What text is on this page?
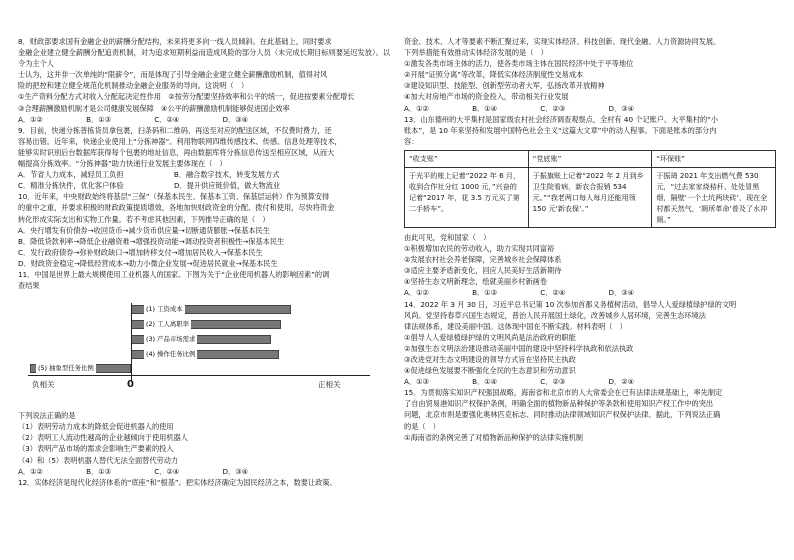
8．财政部要求国有金融企业的薪酬分配结构，未来将更多向一线人员倾斜。在此基础上，同时要求

金融企业建立健全薪酬分配追责机制，对为追求短期利益而造成风险的部分人员（未完成长期目标则要延迟发放）。以令为主个人

士认为，这并非一次单纯的“限薪令”，而是体现了引导金融企业建立健全薪酬激励机制，值得对风

险的把控和建立健全规范化机制推动金融企业服务的导向。这说明（　）

①生产资料分配方式对收入分配起决定性作用　②按劳分配要坚持效率和公平的统一，促进按要素分配增长

③合理薪酬激励机制才是公司健康发展保障　④公平的薪酬激励机制能够促进国企效率

A．①②　　　　　　B．①③　　　　　　C．②④　　　　　　D．③④

9．目前，快递分拣普拣货员拿包裹，扫条码和二维码、再送至对应的配送区域，不仅费时费力，还

容易出错。近年来，快递企业使用上“分拣神器”。利用物联网四维传感技术、传感、信息处理等技术，

能够实时识别后台数据库获得每个包裹的地址信息，再由数据库将分拣信息传送至相应区域，从而大

幅提高分拣效率。“分拣神器”助力快递行业发展主要体现在（　）

A．节省人力成本，减轻员工负担　　　　　　　B．融合数字技术，转变发展方式

C．精准分拣快件，优化客户体验　　　　　　　D．提升供应链价值，做大物流业

10．近年来，中央财政始终将基层“三保”（保基本民生、保基本工资、保基层运转）作为预算安排

的重中之重，并要求积极的财政政策提质增效，各地加快财政资金的分配、拨付和使用，尽快将资金

转化形成实际支出和实物工作量。若不考虑其他因素，下列推导正确的是（　）

A．央行增发有价债券→收回货币→减少货币供应量→切断通货膨胀→保基本民生

B．降低贷款利率→降低企业融资难→增强投资动能→调动投资者积极性→保基本民生

C．发行政府债券→弥补财政缺口→增加转移支付→增加居民收入→保基本民生

D．财政资金稳定→降低经营成本→助力小微企业发展→促进居民就业→保基本民生

11．中国是世界上最大规模使用工业机器人的国家。下图为关于“企业使用机器人的影响因素”的调

查结果

(1) 工资成本
(2) 工人离职率
(3) 产品市场需求
(4) 操作任务比例
(5) 抽象型任务比例
负相关	0	正相关

下列说法正确的是

（1）表明劳动力成本的降低会促进机器人的使用

（2）表明工人流动性越高的企业越倾向于使用机器人

（3）表明产品市场的需求会影响生产要素的投入

（4）和（5）表明机器人替代无法全面替代劳动力

A．①②　　　　　　B．①③　　　　　　C．②④　　　　　　D．③④

12．实体经济是现代化经济体系的“底座”和“根基”。把实体经济确定为国民经济之本，数要让政策、

资金、技术、人才等要素不断汇聚过来，实现实体经济、科技创新、现代金融、人力资源协同发展。

下列举措能有效推动实体经济发展的是（　）

①激发各类市场主体的活力，使各类市场主体在国民经济中处于平等地位

②开展“证照分离”等改革，降低实体经济制度性交易成本

③建设知识型、技能型、创新型劳动者大军，弘扬改革开放精神

④加大对房地产市场的资金投入，带动相关行业发展

A．①②　　　　　　B．①④　　　　　　C．②③　　　　　　D．③④

13．山东德州的大平集村是国家级农村社会经济调查观察点，全村有 40 个记账户。大平集村的“小

账本”，是 10 年来坚持和发展中国特色社会主义“这篇大文章”中的动人程事。下面是账本的部分内

容：

“收支账”	“党底账”	“环保账”
于光平的账上记着“2022 年 6 月，收到合作社分红 1000 元，”兴奋的记着“2017 年，花 3.5 万元买了第二手轿车”。	于振旗账上记着“2022 年 2 月到乡卫生院看病，新农合报销 534元。”“我老两口每人每月还能用领 150 元‘新农保’。”	于振琦 2021 年支出燃气费 530 元，“过去家家烧秸秆、处处冒黑烟，隔壁‘一个土坑两块砖’，现在全村都天然气，‘厕所革命’普及了水冲厕。”

由此可见，党和国家（　）

①积极增加农民的劳动收入，助力实现共同富裕

②发展农村社会养老保障，完善城乡社会保障体系

③适应主要矛盾新变化，回应人民美好生活新期待

④坚持生态文明新理念，绘就美丽乡村新画卷

A．①②　　　　　　B．①③　　　　　　C．②④　　　　　　D．③④

14．2022 年 3 月 30 日，习近平总书记第 10 次参加首都义务植树活动，倡导人人爱绿植绿护绿的文明

风尚。党坚持春草兴国生态规定，普治人民开展国土绿化，改善城乡人居环境，完善生态环境法

律法规体系，建设美丽中国。这体现中国在不断实践。材料表明（　）

①倡导人人爱绿植绿护绿的文明风尚是法治政府的职能

②加强生态文明法治建设推动美丽中国的建设中坚持科学执政和依法执政

③改进党对生态文明建设的领导方式旨在坚持民主执政

④促进绿色发展要不断强化全民的生态意识和劳动意识

A．①③　　　　　　B．①④　　　　　　C．②③　　　　　　D．②④

15．为贯彻落实知识产权强国战略，海南省和北京市的人大常委会在已有法律法规基础上，率先制定

了自由贸易港知识产权保护条例，明确全面的植物新品种保护等条款和使用知识产权工作中的突出

问题，北京市则是要强化奥林匹克标志、同时推动法律领域知识产权保护法律。据此，下列说法正确

的是（　）

①海南省的条例完善了对植物新品种保护的法律实施机制
